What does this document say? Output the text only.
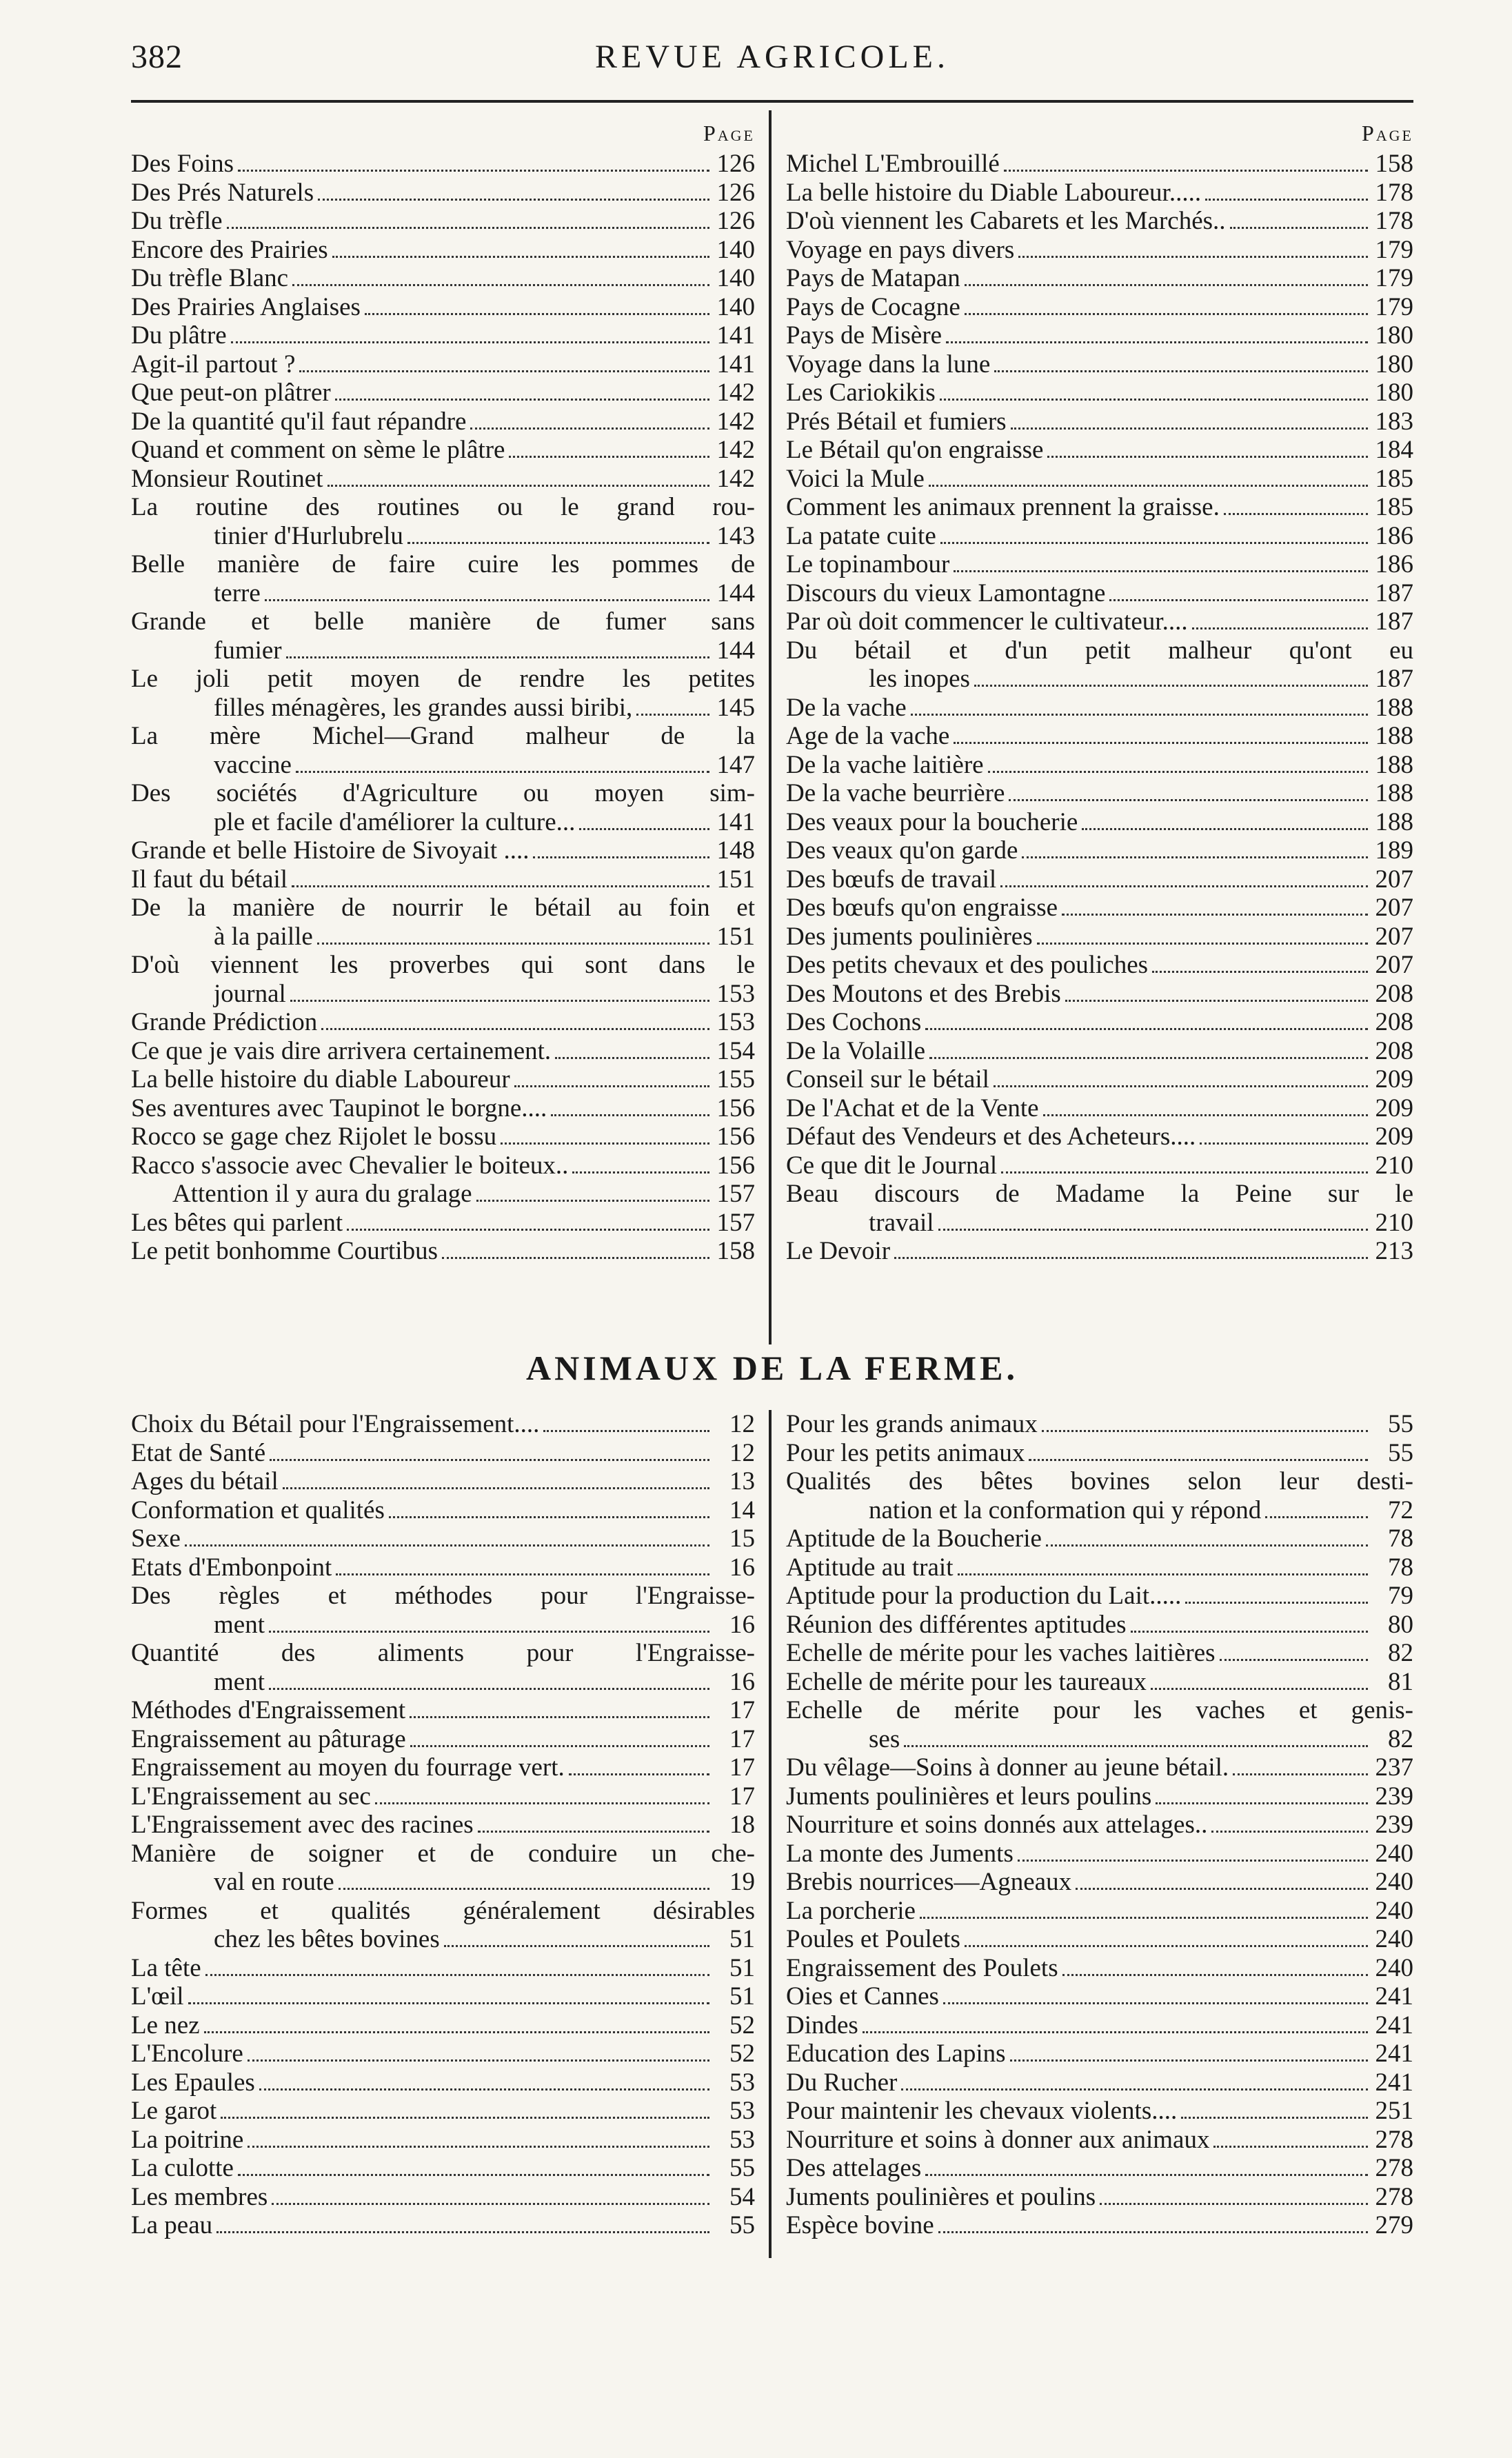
382	REVUE AGRICOLE.
Page
Des Foins	126
Des Prés Naturels	126
Du trèfle	126
Encore des Prairies	140
Du trèfle Blanc	140
Des Prairies Anglaises	140
Du plâtre	141
Agit-il partout ?	141
Que peut-on plâtrer	142
De la quantité qu'il faut répandre	142
Quand et comment on sème le plâtre	142
Monsieur Routinet	142
La routine des routines ou le grand rou-
tinier d'Hurlubrelu	143
Belle manière de faire cuire les pommes de
terre	144
Grande et belle manière de fumer sans
fumier	144
Le joli petit moyen de rendre les petites
filles ménagères, les grandes aussi biribi,	145
La mère Michel—Grand malheur de la
vaccine	147
Des sociétés d'Agriculture ou moyen sim-
ple et facile d'améliorer la culture...	141
Grande et belle Histoire de Sivoyait ....	148
Il faut du bétail	151
De la manière de nourrir le bétail au foin et
à la paille	151
D'où viennent les proverbes qui sont dans le
journal	153
Grande Prédiction	153
Ce que je vais dire arrivera certainement.	154
La belle histoire du diable Laboureur	155
Ses aventures avec Taupinot le borgne....	156
Rocco se gage chez Rijolet le bossu	156
Racco s'associe avec Chevalier le boiteux..	156
Attention il y aura du gralage	157
Les bêtes qui parlent	157
Le petit bonhomme Courtibus	158
Page
Michel L'Embrouillé	158
La belle histoire du Diable Laboureur.....	178
D'où viennent les Cabarets et les Marchés..	178
Voyage en pays divers	179
Pays de Matapan	179
Pays de Cocagne	179
Pays de Misère	180
Voyage dans la lune	180
Les Cariokikis	180
Prés Bétail et fumiers	183
Le Bétail qu'on engraisse	184
Voici la Mule	185
Comment les animaux prennent la graisse.	185
La patate cuite	186
Le topinambour	186
Discours du vieux Lamontagne	187
Par où doit commencer le cultivateur....	187
Du bétail et d'un petit malheur qu'ont eu
les inopes	187
De la vache	188
Age de la vache	188
De la vache laitière	188
De la vache beurrière	188
Des veaux pour la boucherie	188
Des veaux qu'on garde	189
Des bœufs de travail	207
Des bœufs qu'on engraisse	207
Des juments poulinières	207
Des petits chevaux et des pouliches	207
Des Moutons et des Brebis	208
Des Cochons	208
De la Volaille	208
Conseil sur le bétail	209
De l'Achat et de la Vente	209
Défaut des Vendeurs et des Acheteurs....	209
Ce que dit le Journal	210
Beau discours de Madame la Peine sur le
travail	210
Le Devoir	213
ANIMAUX DE LA FERME.
Choix du Bétail pour l'Engraissement....	12
Etat de Santé	12
Ages du bétail	13
Conformation et qualités	14
Sexe	15
Etats d'Embonpoint	16
Des règles et méthodes pour l'Engraisse-
ment	16
Quantité des aliments pour l'Engraisse-
ment	16
Méthodes d'Engraissement	17
Engraissement au pâturage	17
Engraissement au moyen du fourrage vert.	17
L'Engraissement au sec	17
L'Engraissement avec des racines	18
Manière de soigner et de conduire un che-
val en route	19
Formes et qualités généralement désirables
chez les bêtes bovines	51
La tête	51
L'œil	51
Le nez	52
L'Encolure	52
Les Epaules	53
Le garot	53
La poitrine	53
La culotte	55
Les membres	54
La peau	55
Pour les grands animaux	55
Pour les petits animaux	55
Qualités des bêtes bovines selon leur desti-
nation et la conformation qui y répond	72
Aptitude de la Boucherie	78
Aptitude au trait	78
Aptitude pour la production du Lait.....	79
Réunion des différentes aptitudes	80
Echelle de mérite pour les vaches laitières	82
Echelle de mérite pour les taureaux	81
Echelle de mérite pour les vaches et genis-
ses	82
Du vêlage—Soins à donner au jeune bétail.	237
Juments poulinières et leurs poulins	239
Nourriture et soins donnés aux attelages..	239
La monte des Juments	240
Brebis nourrices—Agneaux	240
La porcherie	240
Poules et Poulets	240
Engraissement des Poulets	240
Oies et Cannes	241
Dindes	241
Education des Lapins	241
Du Rucher	241
Pour maintenir les chevaux violents....	251
Nourriture et soins à donner aux animaux	278
Des attelages	278
Juments poulinières et poulins	278
Espèce bovine	279
